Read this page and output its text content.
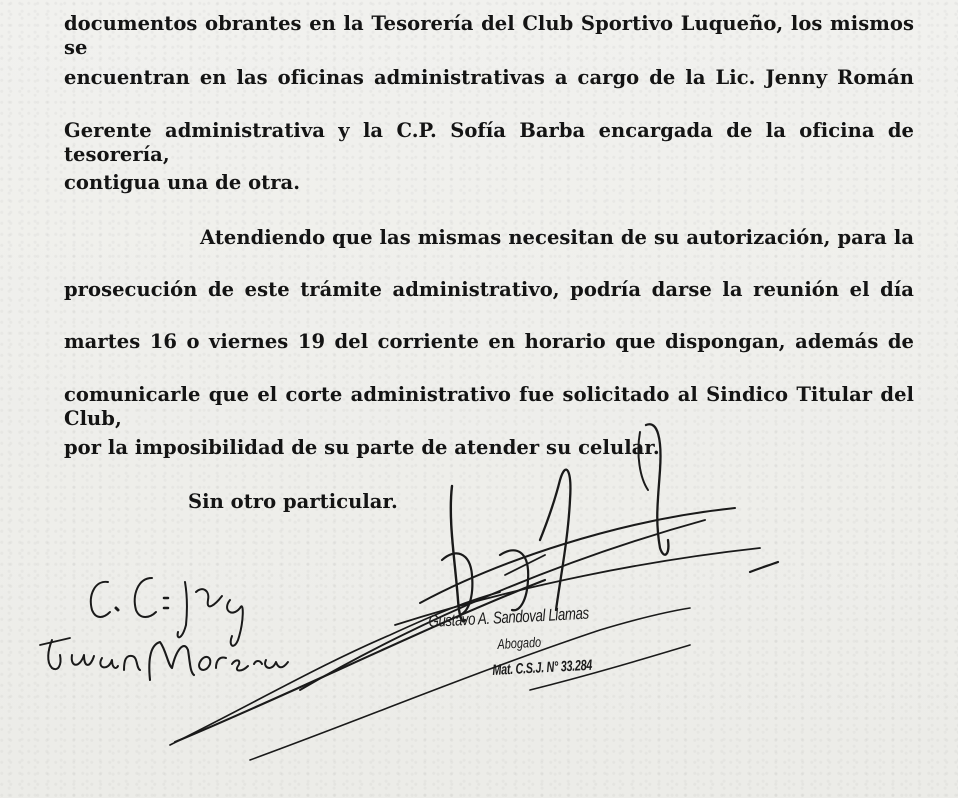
documentos obrantes en la Tesorería del Club Sportivo Luqueño, los mismos se
encuentran en las oficinas administrativas a cargo de la Lic. Jenny Román
Gerente administrativa y la C.P. Sofía Barba encargada de la oficina de tesorería,
contigua una de otra.
Atendiendo que las mismas necesitan de su autorización, para la
prosecución de este trámite administrativo, podría darse la reunión el día
martes 16 o viernes 19 del corriente en horario que dispongan, además de
comunicarle que el corte administrativo fue solicitado al Sindico Titular del Club,
por la imposibilidad de su parte de atender su celular.
Sin otro particular.
Gustavo A. Sandoval Llamas
Abogado
Mat. C.S.J. N° 33.284
